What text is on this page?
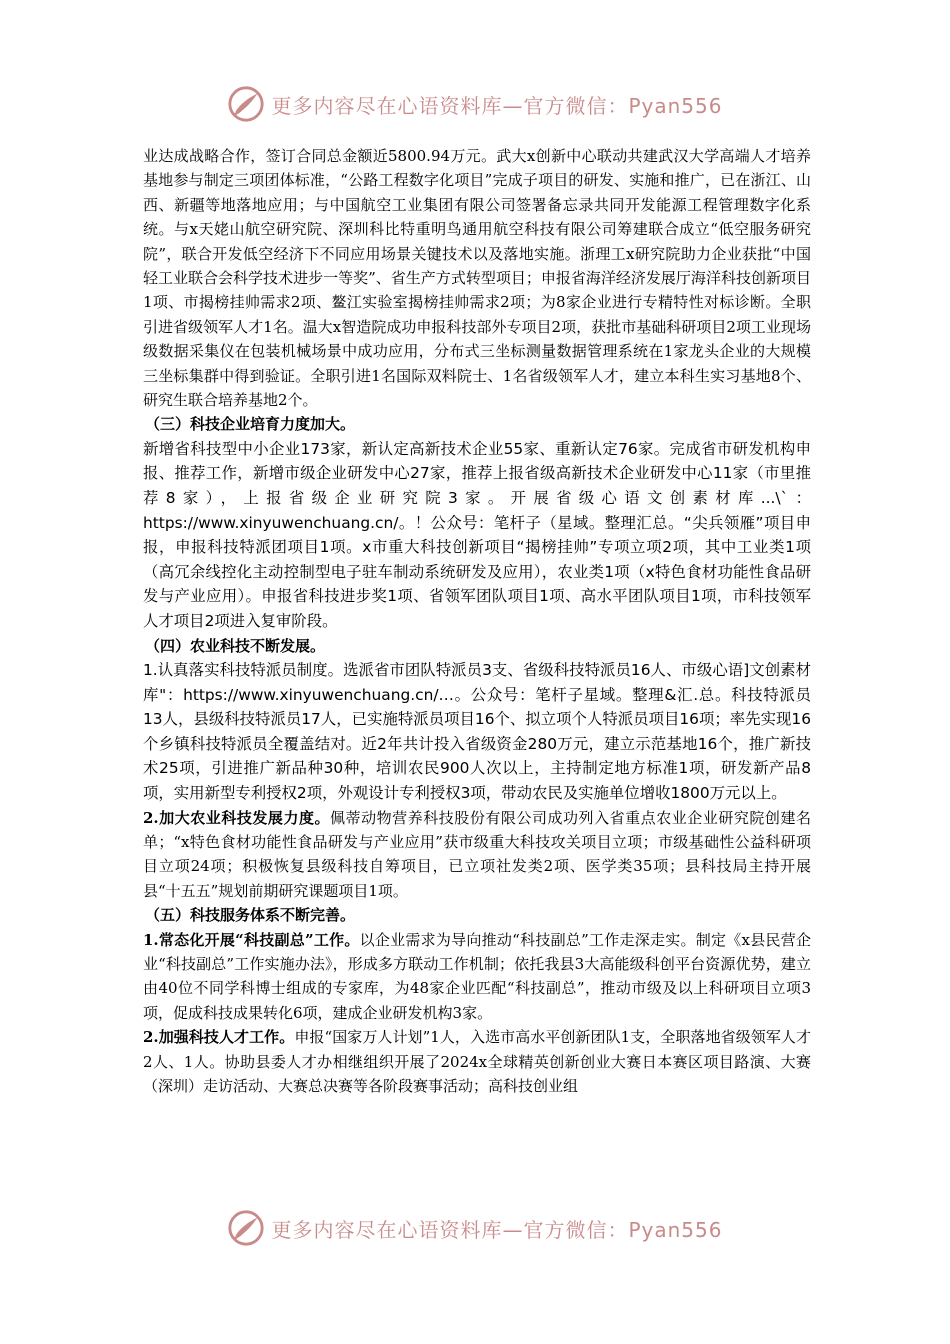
更多内容尽在心语资料库—官方微信：Pyan556

业达成战略合作，签订合同总金额近5800.94万元。武大x创新中心联动共建武汉大学高端人才培养基地参与制定三项团体标准，“公路工程数字化项目”完成子项目的研发、实施和推广，已在浙江、山西、新疆等地落地应用；与中国航空工业集团有限公司签署备忘录共同开发能源工程管理数字化系统。与x天姥山航空研究院、深圳科比特重明鸟通用航空科技有限公司筹建联合成立“低空服务研究院”，联合开发低空经济下不同应用场景关键技术以及落地实施。浙理工x研究院助力企业获批“中国轻工业联合会科学技术进步一等奖”、省生产方式转型项目；申报省海洋经济发展厅海洋科技创新项目1项、市揭榜挂帅需求2项、鳌江实验室揭榜挂帅需求2项；为8家企业进行专精特性对标诊断。全职引进省级领军人才1名。温大x智造院成功申报科技部外专项目2项，获批市基础科研项目2项工业现场级数据采集仪在包装机械场景中成功应用，分布式三坐标测量数据管理系统在1家龙头企业的大规模三坐标集群中得到验证。全职引进1名国际双料院士、1名省级领军人才，建立本科生实习基地8个、研究生联合培养基地2个。

（三）科技企业培育力度加大。

新增省科技型中小企业173家，新认定高新技术企业55家、重新认定76家。完成省市研发机构申报、推荐工作，新增市级企业研发中心27家，推荐上报省级高新技术企业研发中心11家（市里推荐8家），上报省级企业研究院3家。开展省级心语文创素材库...\`：https://www.xinyuwenchuang.cn/。！公众号：笔杆子（星域。整理汇总。“尖兵领雁”项目申报，申报科技特派团项目1项。x市重大科技创新项目“揭榜挂帅”专项立项2项，其中工业类1项（高冗余线控化主动控制型电子驻车制动系统研发及应用），农业类1项（x特色食材功能性食品研发与产业应用）。申报省科技进步奖1项、省领军团队项目1项、高水平团队项目1项，市科技领军人才项目2项进入复审阶段。

（四）农业科技不断发展。

1.认真落实科技特派员制度。选派省市团队特派员3支、省级科技特派员16人、市级心语]文创素材库"：https://www.xinyuwenchuang.cn/…。公众号：笔杆子星域。整理&汇.总。科技特派员13人，县级科技特派员17人，已实施特派员项目16个、拟立项个人特派员项目16项；率先实现16个乡镇科技特派员全覆盖结对。近2年共计投入省级资金280万元，建立示范基地16个，推广新技术25项，引进推广新品种30种，培训农民900人次以上，主持制定地方标准1项，研发新产品8项，实用新型专利授权2项，外观设计专利授权3项，带动农民及实施单位增收1800万元以上。

2.加大农业科技发展力度。佩蒂动物营养科技股份有限公司成功列入省重点农业企业研究院创建名单；“x特色食材功能性食品研发与产业应用”获市级重大科技攻关项目立项；市级基础性公益科研项目立项24项；积极恢复县级科技自筹项目，已立项社发类2项、医学类35项；县科技局主持开展县“十五五”规划前期研究课题项目1项。

（五）科技服务体系不断完善。

1.常态化开展“科技副总”工作。以企业需求为导向推动“科技副总”工作走深走实。制定《x县民营企业“科技副总”工作实施办法》，形成多方联动工作机制；依托我县3大高能级科创平台资源优势，建立由40位不同学科博士组成的专家库，为48家企业匹配“科技副总”，推动市级及以上科研项目立项3项，促成科技成果转化6项，建成企业研发机构3家。

2.加强科技人才工作。申报“国家万人计划”1人，入选市高水平创新团队1支，全职落地省级领军人才2人、1人。协助县委人才办相继组织开展了2024x全球精英创新创业大赛日本赛区项目路演、大赛（深圳）走访活动、大赛总决赛等各阶段赛事活动；高科技创业组

更多内容尽在心语资料库—官方微信：Pyan556
